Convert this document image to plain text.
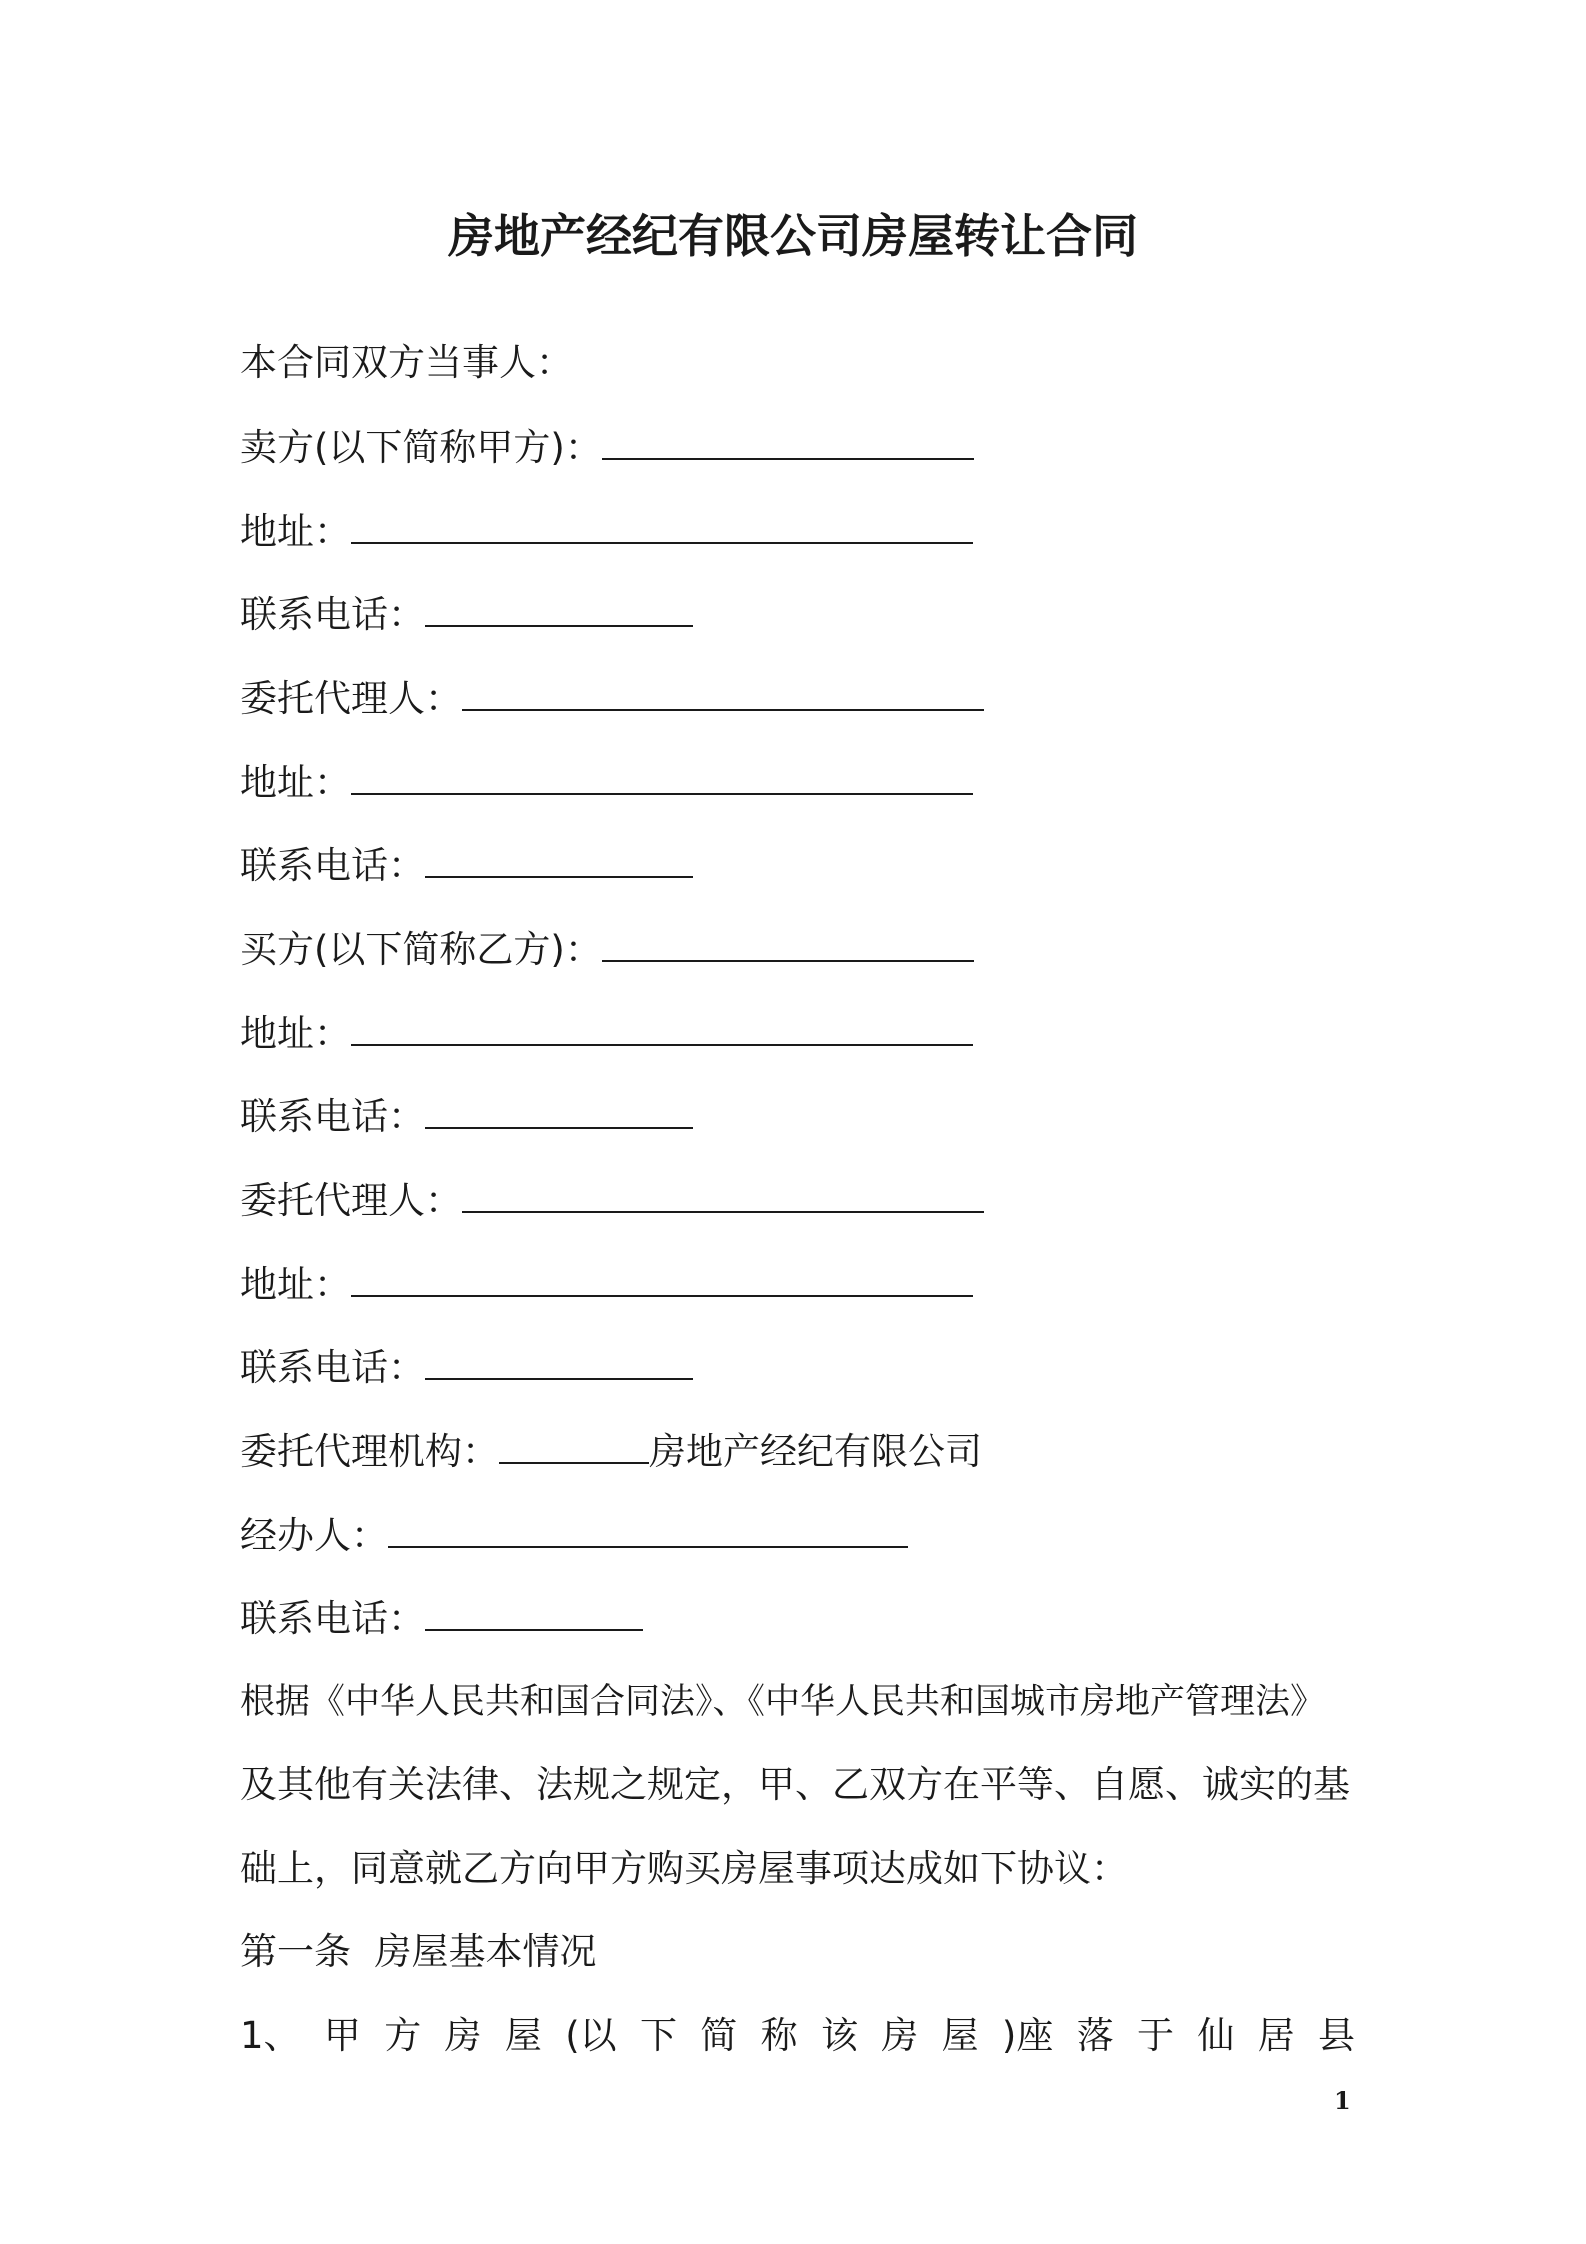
房地产经纪有限公司房屋转让合同
本合同双方当事人：
卖方(以下简称甲方)：
地址：
联系电话：
委托代理人：
地址：
联系电话：
买方(以下简称乙方)：
地址：
联系电话：
委托代理人：
地址：
联系电话：
委托代理机构：	房地产经纪有限公司
经办人：
联系电话：
根据《中华人民共和国合同法》、《中华人民共和国城市房地产管理法》
及其他有关法律、法规之规定，甲、乙双方在平等、自愿、诚实的基
础上，同意就乙方向甲方购买房屋事项达成如下协议：
第一条  房屋基本情况
1、 甲 方 房 屋 (以 下 简 称 该 房 屋 )座 落 于 仙 居 县
1
